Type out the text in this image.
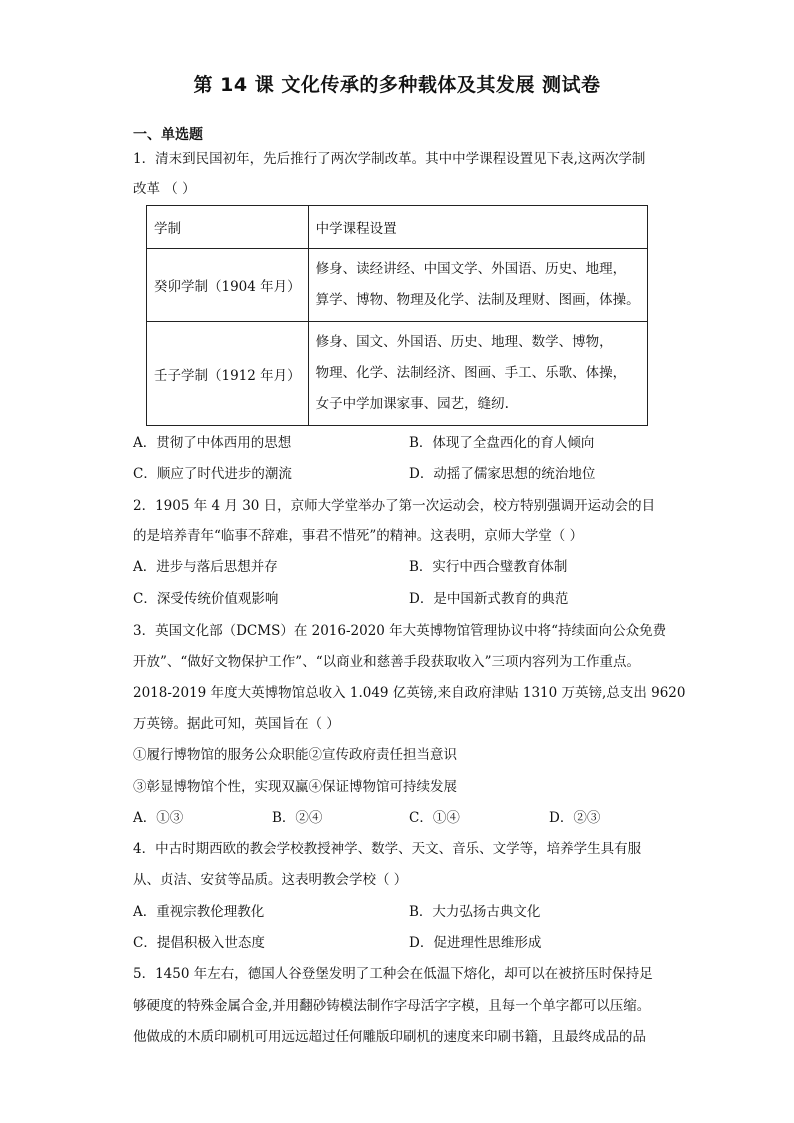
第 14 课 文化传承的多种载体及其发展 测试卷
一、单选题
1．清末到民国初年，先后推行了两次学制改革。其中中学课程设置见下表,这两次学制
改革 （ ）
学制	中学课程设置
癸卯学制（1904 年月）	修身、读经讲经、中国文学、外国语、历史、地理，
算学、博物、物理及化学、法制及理财、图画，体操。

壬子学制（1912 年月）	修身、国文、外国语、历史、地理、数学、博物，
物理、化学、法制经济、图画、手工、乐歌、体操，
女子中学加课家事、园艺，缝纫.
A．贯彻了中体西用的思想	B．体现了全盘西化的育人倾向
C．顺应了时代进步的潮流	D．动摇了儒家思想的统治地位
2．1905 年 4 月 30 日，京师大学堂举办了第一次运动会，校方特别强调开运动会的目
的是培养青年“临事不辞难，事君不惜死”的精神。这表明，京师大学堂（ ）
A．进步与落后思想并存	B．实行中西合璧教育体制
C．深受传统价值观影响	D．是中国新式教育的典范
3．英国文化部（DCMS）在 2016-2020 年大英博物馆管理协议中将“持续面向公众免费
开放”、“做好文物保护工作”、“以商业和慈善手段获取收入”三项内容列为工作重点。
2018-2019 年度大英博物馆总收入 1.049 亿英镑,来自政府津贴 1310 万英镑,总支出 9620
万英镑。据此可知，英国旨在（ ）
①履行博物馆的服务公众职能②宣传政府责任担当意识
③彰显博物馆个性，实现双赢④保证博物馆可持续发展
A．①③	B．②④	C．①④	D．②③
4．中古时期西欧的教会学校教授神学、数学、天文、音乐、文学等，培养学生具有服
从、贞洁、安贫等品质。这表明教会学校（ ）
A．重视宗教伦理教化	B．大力弘扬古典文化
C．提倡积极入世态度	D．促进理性思维形成
5．1450 年左右，德国人谷登堡发明了工种会在低温下熔化，却可以在被挤压时保持足
够硬度的特殊金属合金,并用翻砂铸模法制作字母活字字模，且每一个单字都可以压缩。
他做成的木质印刷机可用远远超过任何雕版印刷机的速度来印刷书籍，且最终成品的品
